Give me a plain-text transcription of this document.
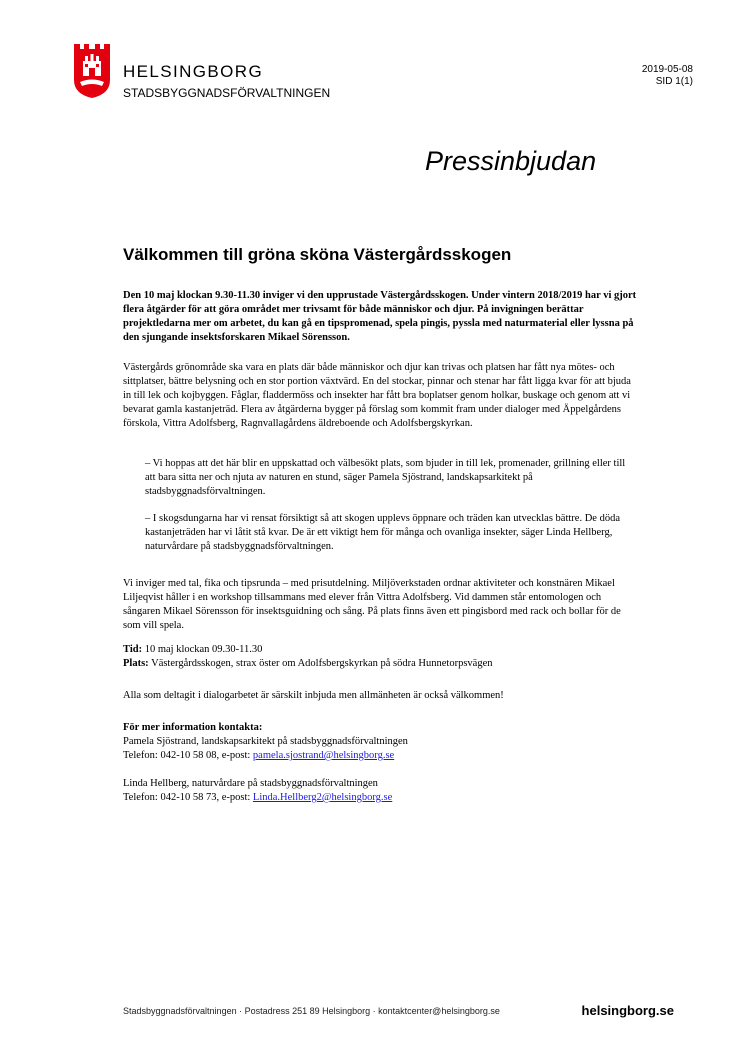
HELSINGBORG
STADSBYGGNADSFÖRVALTNINGEN
2019-05-08
SID 1(1)
Pressinbjudan
Välkommen till gröna sköna Västergårdsskogen
Den 10 maj klockan 9.30-11.30 inviger vi den upprustade Västergårdsskogen. Under vintern 2018/2019 har vi gjort flera åtgärder för att göra området mer trivsamt för både människor och djur. På invigningen berättar projektledarna mer om arbetet, du kan gå en tipspromenad, spela pingis, pyssla med naturmaterial eller lyssna på den sjungande insektsforskaren Mikael Sörensson.
Västergårds grönområde ska vara en plats där både människor och djur kan trivas och platsen har fått nya mötes- och sittplatser, bättre belysning och en stor portion växtvärd. En del stockar, pinnar och stenar har fått ligga kvar för att bjuda in till lek och kojbyggen. Fåglar, fladdermöss och insekter har fått bra boplatser genom holkar, buskage och genom att vi bevarat gamla kastanjeträd. Flera av åtgärderna bygger på förslag som kommit fram under dialoger med Äppelgårdens förskola, Vittra Adolfsberg, Ragnvallagårdens äldreboende och Adolfsbergskyrkan.
– Vi hoppas att det här blir en uppskattad och välbesökt plats, som bjuder in till lek, promenader, grillning eller till att bara sitta ner och njuta av naturen en stund, säger Pamela Sjöstrand, landskapsarkitekt på stadsbyggnadsförvaltningen.
– I skogsdungarna har vi rensat försiktigt så att skogen upplevs öppnare och träden kan utvecklas bättre. De döda kastanjeträden har vi låtit stå kvar. De är ett viktigt hem för många och ovanliga insekter, säger Linda Hellberg, naturvårdare på stadsbyggnadsförvaltningen.
Vi inviger med tal, fika och tipsrunda – med prisutdelning. Miljöverkstaden ordnar aktiviteter och konstnären Mikael Liljeqvist håller i en workshop tillsammans med elever från Vittra Adolfsberg. Vid dammen står entomologen och sångaren Mikael Sörensson för insektsguidning och sång. På plats finns även ett pingisbord med rack och bollar för de som vill spela.
Tid: 10 maj klockan 09.30-11.30
Plats: Västergårdsskogen, strax öster om Adolfsbergskyrkan på södra Hunnetorpsvägen
Alla som deltagit i dialogarbetet är särskilt inbjuda men allmänheten är också välkommen!
För mer information kontakta:
Pamela Sjöstrand, landskapsarkitekt på stadsbyggnadsförvaltningen
Telefon: 042-10 58 08, e-post: pamela.sjostrand@helsingborg.se
Linda Hellberg, naturvårdare på stadsbyggnadsförvaltningen
Telefon: 042-10 58 73, e-post: Linda.Hellberg2@helsingborg.se
Stadsbyggnadsförvaltningen · Postadress 251 89 Helsingborg · kontaktcenter@helsingborg.se	helsingborg.se
